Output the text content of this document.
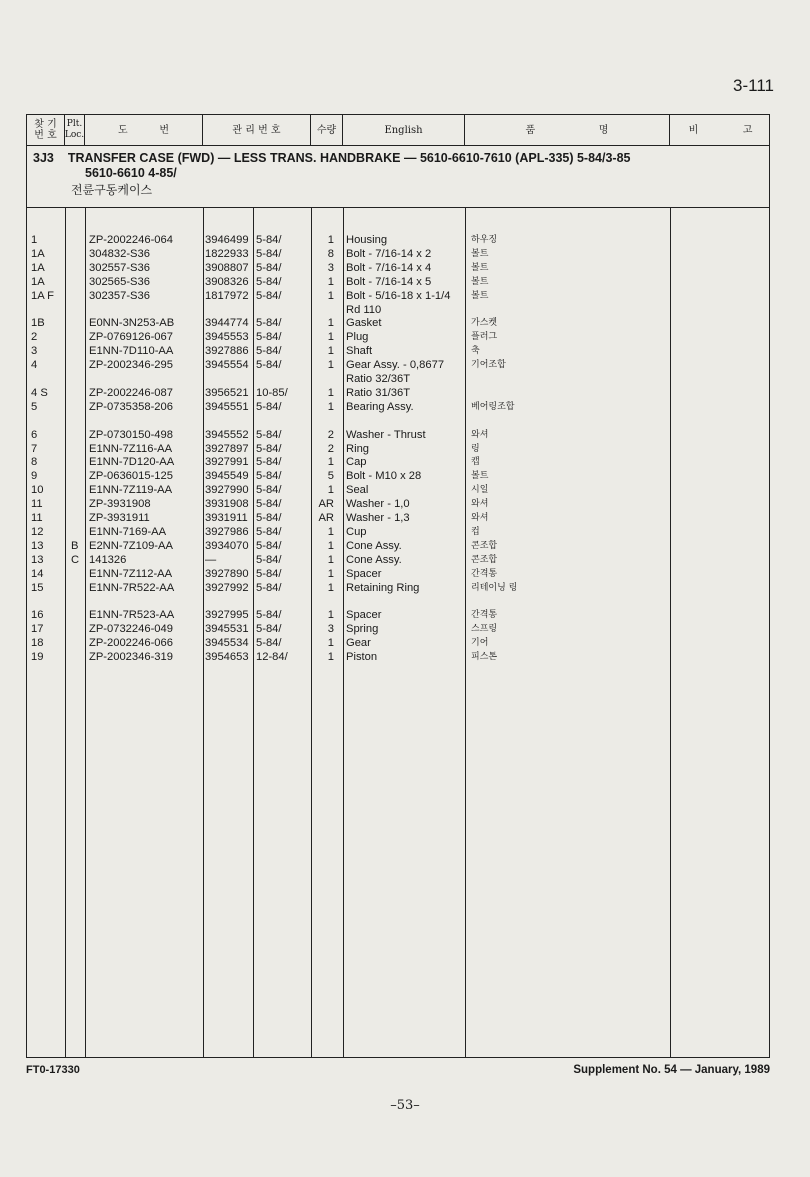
3-111
찾 기
번 호
Plt.
Loc.	도          번	관 리 번 호	수량	English	품                    명	비              고
3J3 TRANSFER CASE (FWD) — LESS TRANS. HANDBRAKE — 5610-6610-7610 (APL-335) 5-84/3-85
5610-6610 4-85/
전륜구동케이스
1	ZP-2002246-064	3946499 5-84/	1 Housing	하우징
1A	304832-S36	1822933 5-84/	8 Bolt - 7/16-14 x 2	볼트
1A	302557-S36	3908807 5-84/	3 Bolt - 7/16-14 x 4	볼트
1A	302565-S36	3908326 5-84/	1 Bolt - 7/16-14 x 5	볼트
1A F	302357-S36	1817972 5-84/	1 Bolt - 5/16-18 x 1-1/4 볼트
Rd 110
1B	E0NN-3N253-AB	3944774 5-84/	1 Gasket	가스켓
2	ZP-0769126-067	3945553 5-84/	1 Plug	플러그
3	E1NN-7D110-AA	3927886 5-84/	1 Shaft	축
4	ZP-2002346-295	3945554 5-84/	1 Gear Assy. - 0,8677	기어조합
Ratio 32/36T
4 S	ZP-2002246-087	3956521 10-85/	1 Ratio 31/36T
5	ZP-0735358-206	3945551 5-84/	1 Bearing Assy.	베어링조합
6	ZP-0730150-498	3945552 5-84/	2 Washer - Thrust	와셔
7	E1NN-7Z116-AA	3927897 5-84/	2 Ring	링
8	E1NN-7D120-AA	3927991 5-84/	1 Cap	캡
9	ZP-0636015-125	3945549 5-84/	5 Bolt - M10 x 28	볼트
10	E1NN-7Z119-AA	3927990 5-84/	1 Seal	시일
11	ZP-3931908	3931908 5-84/	AR Washer - 1,0	와셔
11	ZP-3931911	3931911 5-84/	AR Washer - 1,3	와셔
12	E1NN-7169-AA	3927986 5-84/	1 Cup	컵
13 B E2NN-7Z109-AA	3934070 5-84/	1 Cone Assy.	콘조합
13 C 141326	—	5-84/	1 Cone Assy.	콘조합
14	E1NN-7Z112-AA	3927890 5-84/	1 Spacer	간격통
15	E1NN-7R522-AA	3927992 5-84/	1 Retaining Ring	리테이닝 링
16	E1NN-7R523-AA	3927995 5-84/	1 Spacer	간격통
17	ZP-0732246-049	3945531 5-84/	3 Spring	스프링
18	ZP-2002246-066	3945534 5-84/	1 Gear	기어
19	ZP-2002346-319	3954653 12-84/	1 Piston	피스톤
FT0-17330	Supplement No. 54 — January, 1989
–53–
